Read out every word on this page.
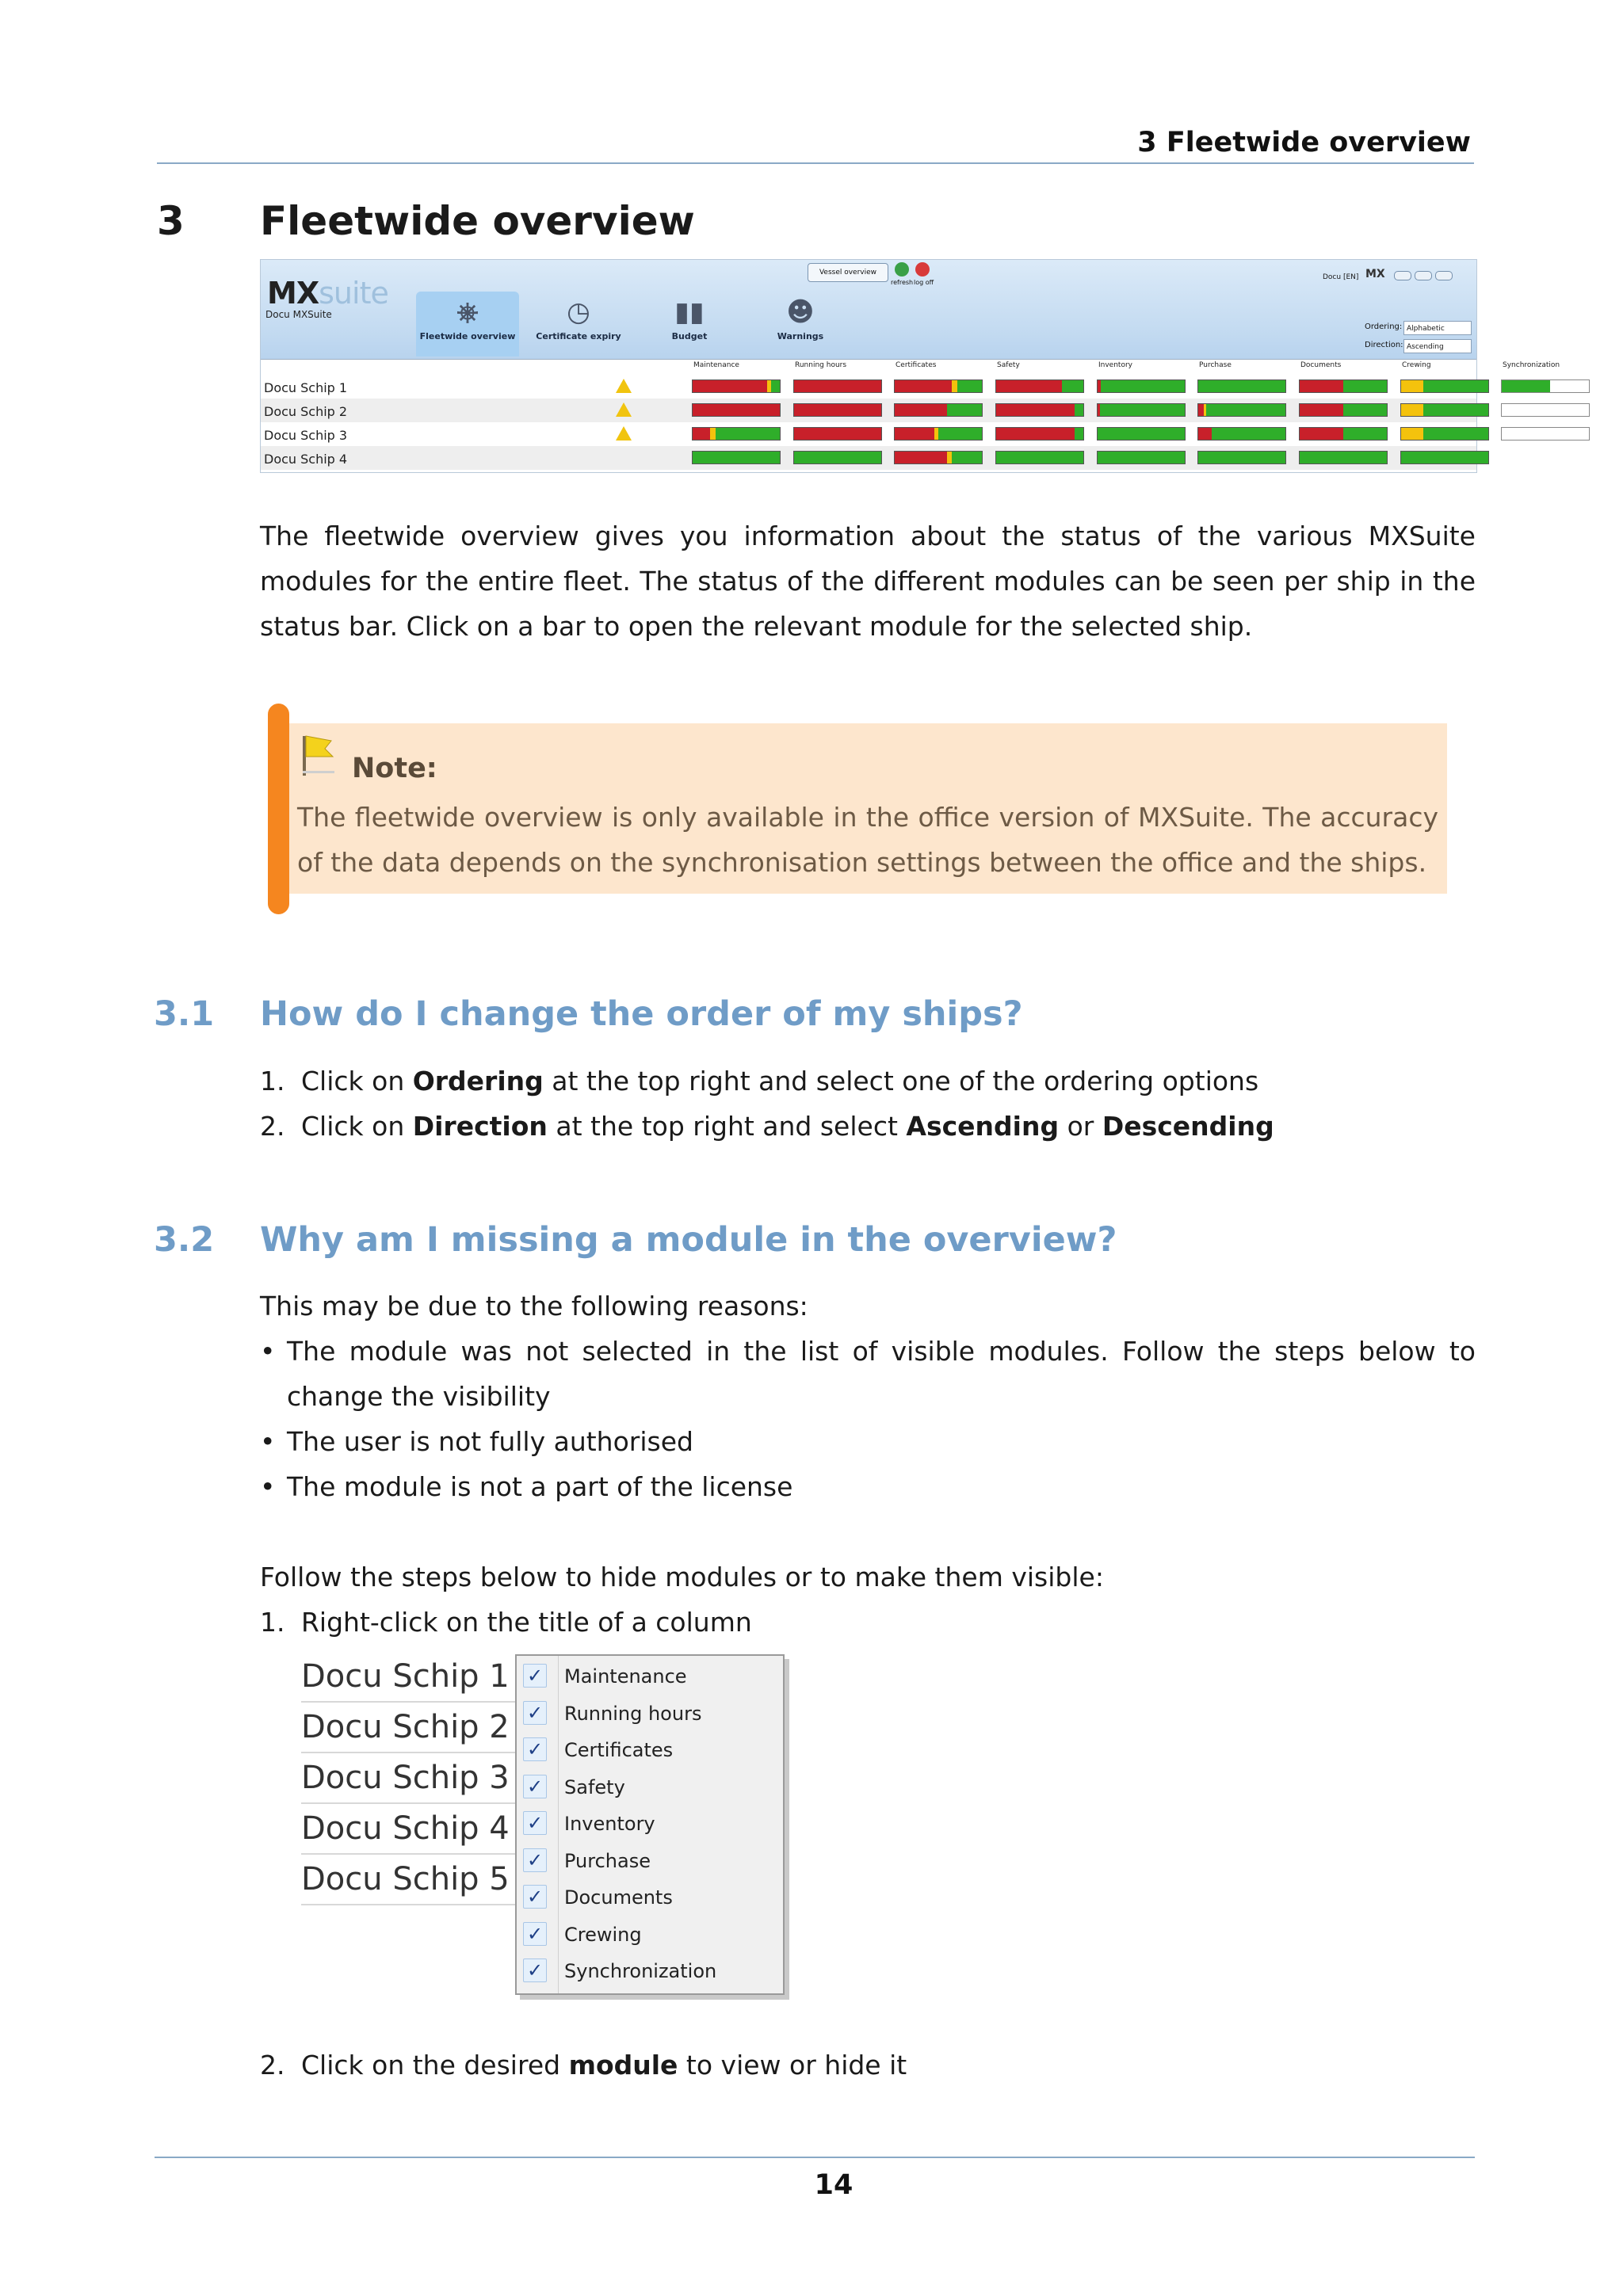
3 Fleetwide overview
3 Fleetwide overview
MXsuite
Docu MXSuite
Vessel overview
refresh log off
Docu [EN] MX
⎈
Fleetwide overview
◷
Certificate expiry
▮▮
Budget
☻
Warnings
Ordering: Alphabetic
Direction: Ascending
Maintenance	Running hours	Certificates	Safety	Inventory	Purchase	Documents	Crewing	Synchronization
Docu Schip 1
Docu Schip 2
Docu Schip 3
Docu Schip 4
The fleetwide overview gives you information about the status of the various MXSuite modules for the entire fleet. The status of the different modules can be seen per ship in the status bar. Click on a bar to open the relevant module for the selected ship.
Note:
The fleetwide overview is only available in the office version of MXSuite. The accuracy of the data depends on the synchronisation settings between the office and the ships.
3.1 How do I change the order of my ships?
1. Click on Ordering at the top right and select one of the ordering options
2. Click on Direction at the top right and select Ascending or Descending
3.2 Why am I missing a module in the overview?
This may be due to the following reasons:
• The module was not selected in the list of visible modules. Follow the steps below to change the visibility
• The user is not fully authorised
• The module is not a part of the license
Follow the steps below to hide modules or to make them visible:
1. Right-click on the title of a column
Docu Schip 1
Docu Schip 2
Docu Schip 3
Docu Schip 4
Docu Schip 5
✓ Maintenance
✓ Running hours
✓ Certificates
✓ Safety
✓ Inventory
✓ Purchase
✓ Documents
✓ Crewing
✓ Synchronization
2. Click on the desired module to view or hide it
14
